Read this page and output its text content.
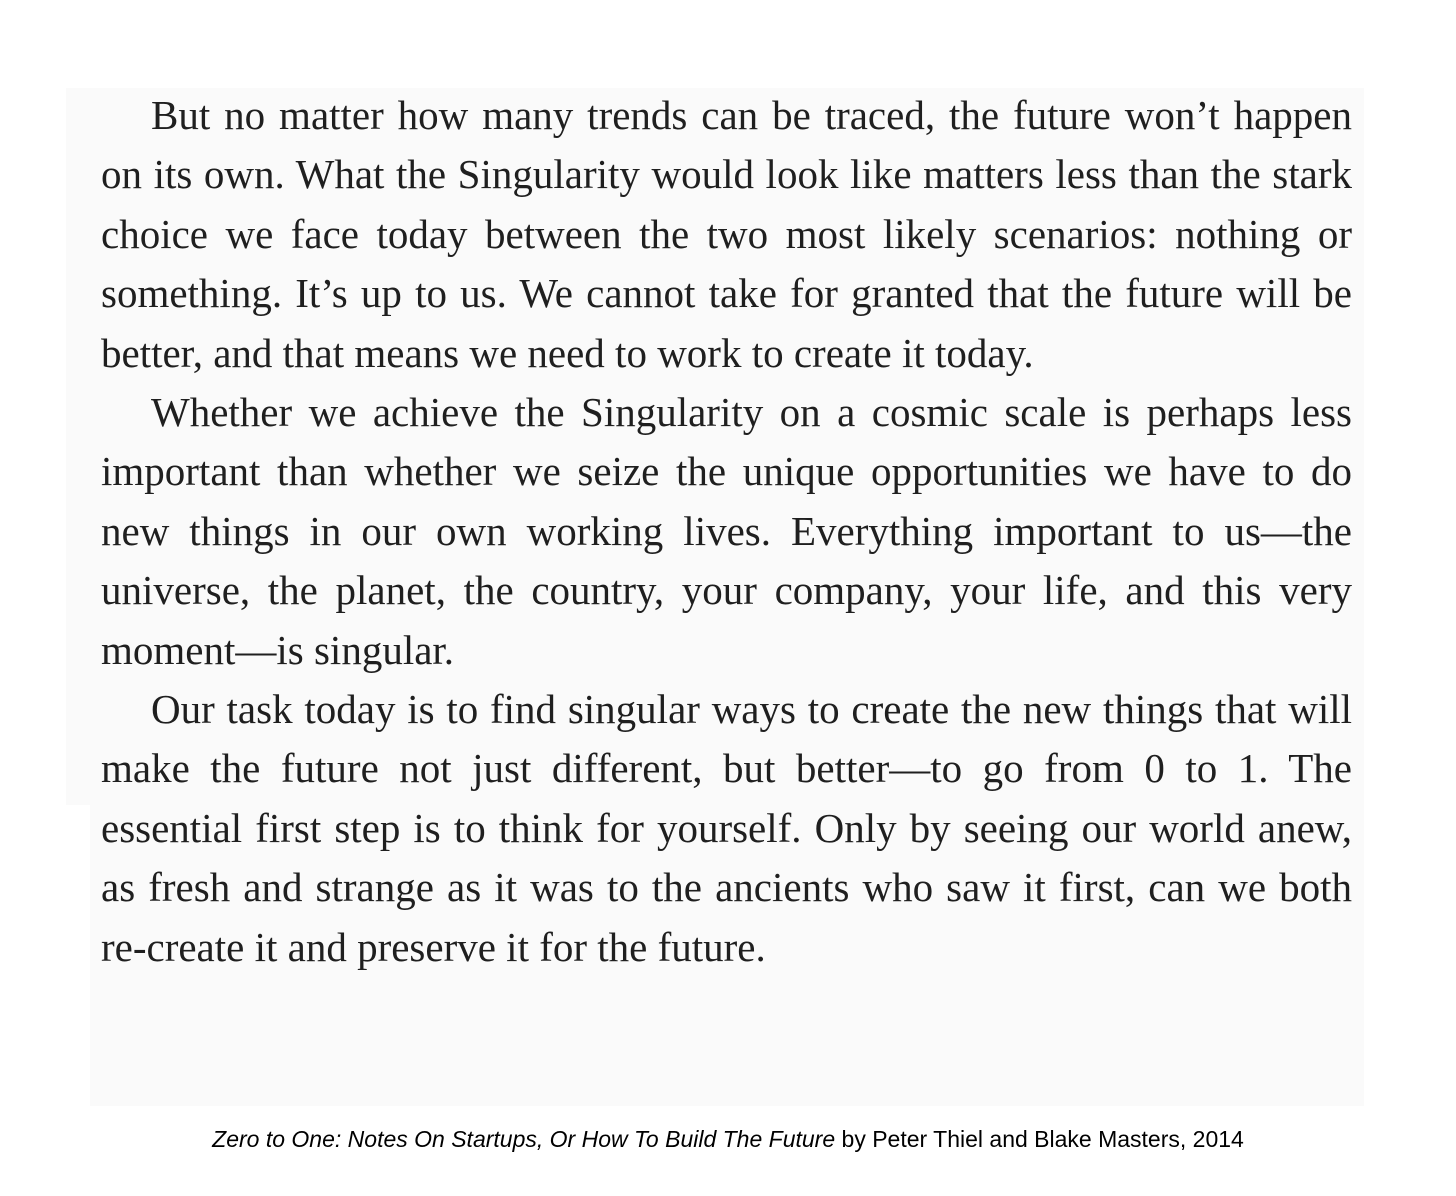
But no matter how many trends can be traced, the future won’t happen on its own. What the Singularity would look like matters less than the stark choice we face today between the two most likely scenarios: nothing or something. It’s up to us. We cannot take for granted that the future will be better, and that means we need to work to create it today.

Whether we achieve the Singularity on a cosmic scale is perhaps less important than whether we seize the unique opportunities we have to do new things in our own working lives. Everything important to us—the universe, the planet, the country, your company, your life, and this very moment—is singular.

Our task today is to find singular ways to create the new things that will make the future not just different, but better—to go from 0 to 1. The essential first step is to think for yourself. Only by seeing our world anew, as fresh and strange as it was to the ancients who saw it first, can we both re-create it and preserve it for the future.

Zero to One: Notes On Startups, Or How To Build The Future by Peter Thiel and Blake Masters, 2014
